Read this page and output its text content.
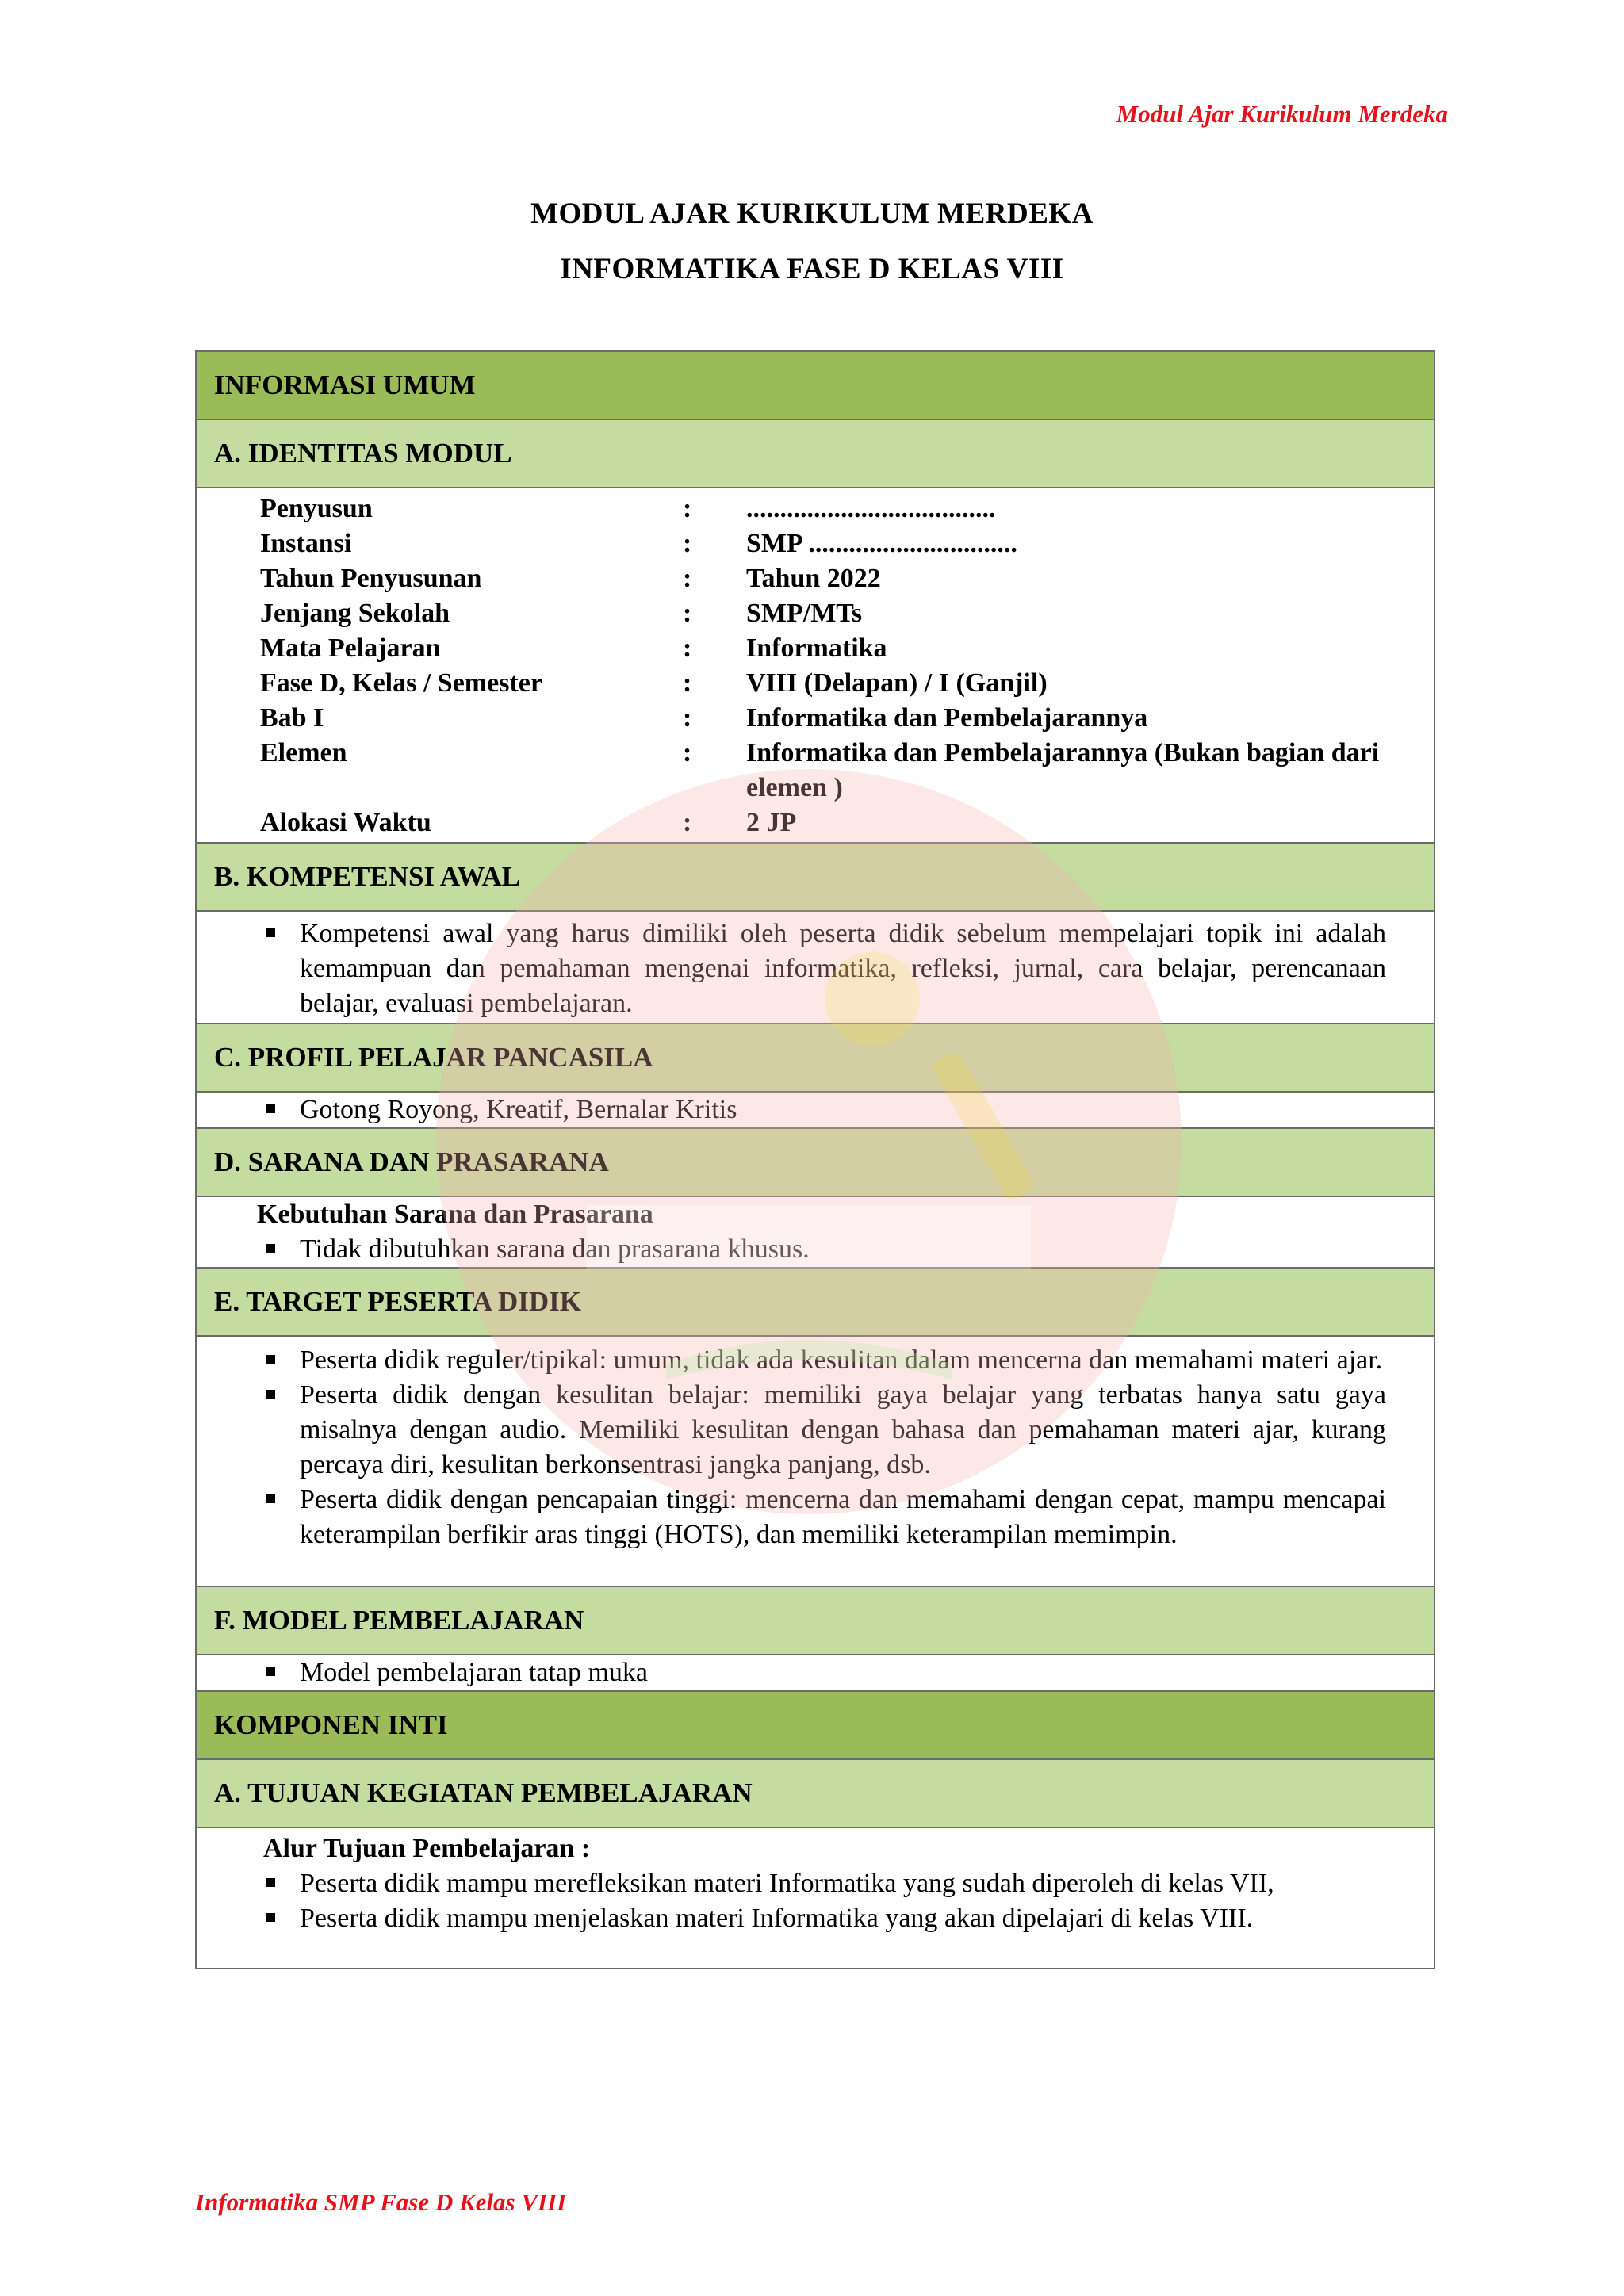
Modul Ajar Kurikulum Merdeka
MODUL AJAR KURIKULUM MERDEKA
INFORMATIKA FASE D KELAS VIII
INFORMASI UMUM

A. IDENTITAS MODUL

Penyusun	:	.....................................
Instansi	:	SMP ...............................
Tahun Penyusunan	:	Tahun 2022
Jenjang Sekolah	:	SMP/MTs
Mata Pelajaran	:	Informatika
Fase D, Kelas / Semester	:	VIII (Delapan) / I (Ganjil)
Bab I	:	Informatika dan Pembelajarannya
Elemen	:	Informatika dan Pembelajarannya (Bukan bagian dari elemen )
Alokasi Waktu	:	2 JP

B. KOMPETENSI AWAL

Kompetensi awal yang harus dimiliki oleh peserta didik sebelum mempelajari topik ini adalah kemampuan dan pemahaman mengenai informatika, refleksi, jurnal, cara belajar, perencanaan belajar, evaluasi pembelajaran.

C. PROFIL PELAJAR PANCASILA

Gotong Royong, Kreatif, Bernalar Kritis

D. SARANA DAN PRASARANA

Kebutuhan Sarana dan Prasarana
Tidak dibutuhkan sarana dan prasarana khusus.

E. TARGET PESERTA DIDIK

Peserta didik reguler/tipikal: umum, tidak ada kesulitan dalam mencerna dan memahami materi ajar.
Peserta didik dengan kesulitan belajar: memiliki gaya belajar yang terbatas hanya satu gaya misalnya dengan audio. Memiliki kesulitan dengan bahasa dan pemahaman materi ajar, kurang percaya diri, kesulitan berkonsentrasi jangka panjang, dsb.
Peserta didik dengan pencapaian tinggi: mencerna dan memahami dengan cepat, mampu mencapai keterampilan berfikir aras tinggi (HOTS), dan memiliki keterampilan memimpin.

F. MODEL PEMBELAJARAN

Model pembelajaran tatap muka

KOMPONEN INTI

A. TUJUAN KEGIATAN PEMBELAJARAN

Alur Tujuan Pembelajaran :
Peserta didik mampu merefleksikan materi Informatika yang sudah diperoleh di kelas VII,
Peserta didik mampu menjelaskan materi Informatika yang akan dipelajari di kelas VIII.
Informatika SMP Fase D Kelas VIII
